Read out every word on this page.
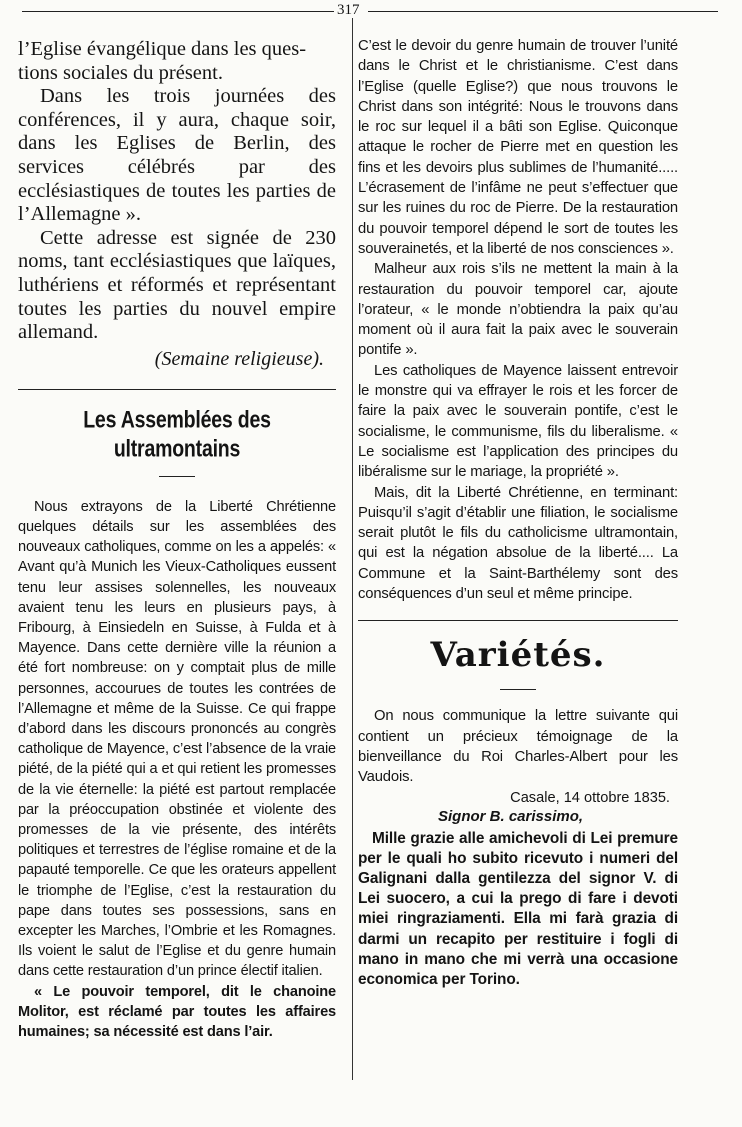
317
l’Eglise évangélique dans les ques-
tions sociales du présent.

Dans les trois journées des conférences, il y aura, chaque soir, dans les Eglises de Berlin, des services célébrés par des ecclésiastiques de toutes les parties de l’Allemagne ».

Cette adresse est signée de 230 noms, tant ecclésiastiques que laïques, luthériens et réformés et représentant toutes les parties du nouvel empire allemand.

(Semaine religieuse).
Les Assemblées des ultramontains

Nous extrayons de la Liberté Chrétienne quelques détails sur les assemblées des nouveaux catholiques, comme on les a appelés: « Avant qu’à Munich les Vieux-Catholiques eussent tenu leur assises solennelles, les nouveaux avaient tenu les leurs en plusieurs pays, à Fribourg, à Einsiedeln en Suisse, à Fulda et à Mayence. Dans cette dernière ville la réunion a été fort nombreuse: on y comptait plus de mille personnes, accourues de toutes les contrées de l’Allemagne et même de la Suisse. Ce qui frappe d’abord dans les discours prononcés au congrès catholique de Mayence, c’est l’absence de la vraie piété, de la piété qui a et qui retient les promesses de la vie éternelle: la piété est partout remplacée par la préoccupation obstinée et violente des promesses de la vie présente, des intérêts politiques et terrestres de l’église romaine et de la papauté temporelle. Ce que les orateurs appellent le triomphe de l’Eglise, c’est la restauration du pape dans toutes ses possessions, sans en excepter les Marches, l’Ombrie et les Romagnes. Ils voient le salut de l’Eglise et du genre humain dans cette restauration d’un prince électif italien.

« Le pouvoir temporel, dit le chanoine Molitor, est réclamé par toutes les affaires humaines; sa nécessité est dans l’air.

C’est le devoir du genre humain de trouver l’unité dans le Christ et le christianisme. C’est dans l’Eglise (quelle Eglise?) que nous trouvons le Christ dans son intégrité: Nous le trouvons dans le roc sur lequel il a bâti son Eglise. Quiconque attaque le rocher de Pierre met en question les fins et les devoirs plus sublimes de l’humanité..... L’écrasement de l’infâme ne peut s’effectuer que sur les ruines du roc de Pierre. De la restauration du pouvoir temporel dépend le sort de toutes les souverainetés, et la liberté de nos consciences ».

Malheur aux rois s’ils ne mettent la main à la restauration du pouvoir temporel car, ajoute l’orateur, « le monde n’obtiendra la paix qu’au moment où il aura fait la paix avec le souverain pontife ».

Les catholiques de Mayence laissent entrevoir le monstre qui va effrayer le rois et les forcer de faire la paix avec le souverain pontife, c’est le socialisme, le communisme, fils du liberalisme. « Le socialisme est l’application des principes du libéralisme sur le mariage, la propriété ».

Mais, dit la Liberté Chrétienne, en terminant: Puisqu’il s’agit d’établir une filiation, le socialisme serait plutôt le fils du catholicisme ultramontain, qui est la négation absolue de la liberté.... La Commune et la Saint-Barthélemy sont des conséquences d’un seul et même principe.

Variétés.

On nous communique la lettre suivante qui contient un précieux témoignage de la bienveillance du Roi Charles-Albert pour les Vaudois.

Casale, 14 ottobre 1835.
Signor B. carissimo,

Mille grazie alle amichevoli di Lei premure per le quali ho subito ricevuto i numeri del Galignani dalla gentilezza del signor V. di Lei suocero, a cui la prego di fare i devoti miei ringraziamenti. Ella mi farà grazia di darmi un recapito per restituire i fogli di mano in mano che mi verrà una occasione economica per Torino.
